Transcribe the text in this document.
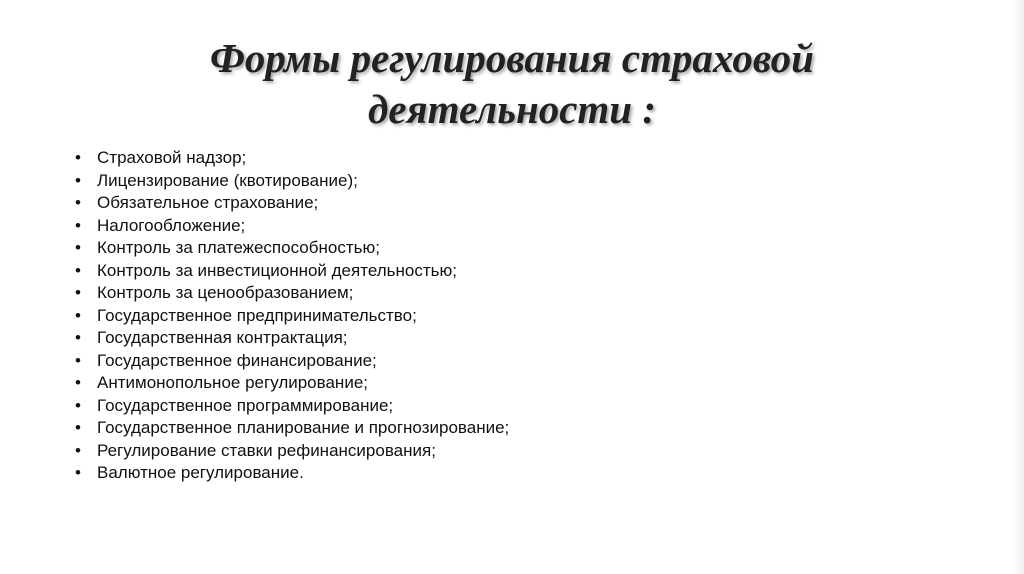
Формы регулирования страховой
деятельности :
• Страховой надзор;
• Лицензирование (квотирование);
• Обязательное страхование;
• Налогообложение;
• Контроль за платежеспособностью;
• Контроль за инвестиционной деятельностью;
• Контроль за ценообразованием;
• Государственное предпринимательство;
• Государственная контрактация;
• Государственное финансирование;
• Антимонопольное регулирование;
• Государственное программирование;
• Государственное планирование и прогнозирование;
• Регулирование ставки рефинансирования;
• Валютное регулирование.
